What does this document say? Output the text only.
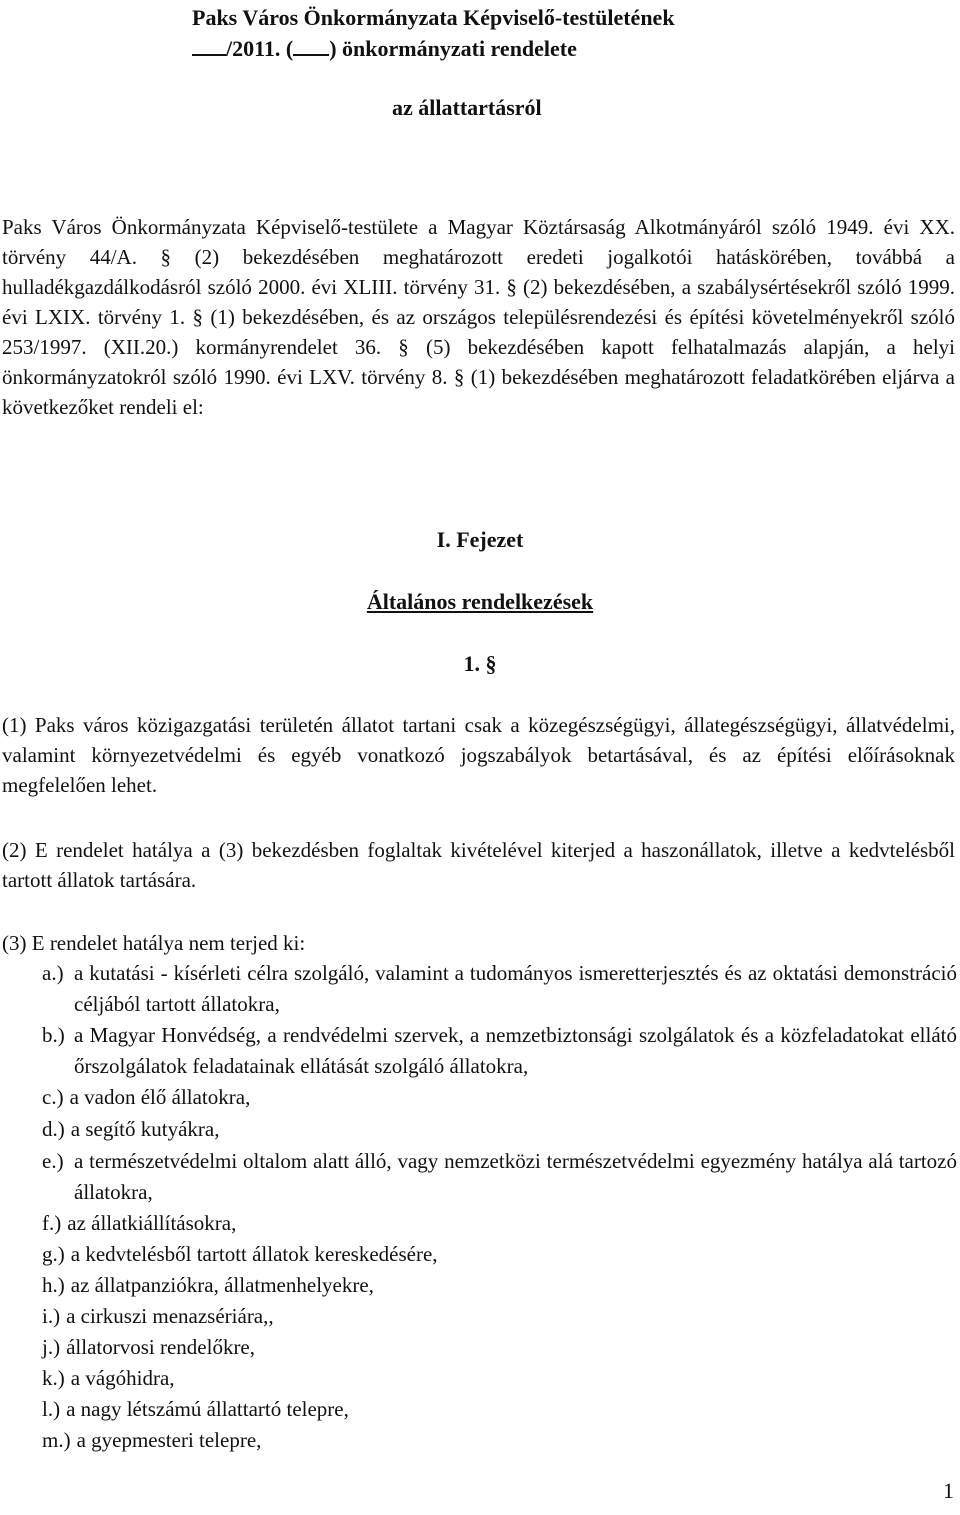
Paks Város Önkormányzata Képviselő-testületének
/2011. ( ) önkormányzati rendelete
az állattartásról

Paks Város Önkormányzata Képviselő-testülete a Magyar Köztársaság Alkotmányáról szóló 1949. évi XX. törvény 44/A. § (2) bekezdésében meghatározott eredeti jogalkotói hatáskörében, továbbá a hulladékgazdálkodásról szóló 2000. évi XLIII. törvény 31. § (2) bekezdésében, a szabálysértésekről szóló 1999. évi LXIX. törvény 1. § (1) bekezdésében, és az országos településrendezési és építési követelményekről szóló 253/1997. (XII.20.) kormányrendelet 36. § (5) bekezdésében kapott felhatalmazás alapján, a helyi önkormányzatokról szóló 1990. évi LXV. törvény 8. § (1) bekezdésében meghatározott feladatkörében eljárva a következőket rendeli el:

I. Fejezet
Általános rendelkezések
1. §

(1) Paks város közigazgatási területén állatot tartani csak a közegészségügyi, állategészségügyi, állatvédelmi, valamint környezetvédelmi és egyéb vonatkozó jogszabályok betartásával, és az építési előírásoknak megfelelően lehet.

(2) E rendelet hatálya a (3) bekezdésben foglaltak kivételével kiterjed a haszonállatok, illetve a kedvtelésből tartott állatok tartására.

(3) E rendelet hatálya nem terjed ki:

a.) a kutatási - kísérleti célra szolgáló, valamint a tudományos ismeretterjesztés és az oktatási demonstráció céljából tartott állatokra,
b.) a Magyar Honvédség, a rendvédelmi szervek, a nemzetbiztonsági szolgálatok és a közfeladatokat ellátó őrszolgálatok feladatainak ellátását szolgáló állatokra,
c.) a vadon élő állatokra,
d.) a segítő kutyákra,
e.) a természetvédelmi oltalom alatt álló, vagy nemzetközi természetvédelmi egyezmény hatálya alá tartozó állatokra,
f.) az állatkiállításokra,
g.) a kedvtelésből tartott állatok kereskedésére,
h.) az állatpanziókra, állatmenhelyekre,
i.) a cirkuszi menazsériára,,
j.) állatorvosi rendelőkre,
k.) a vágóhidra,
l.) a nagy létszámú állattartó telepre,
m.) a gyepmesteri telepre,
1
